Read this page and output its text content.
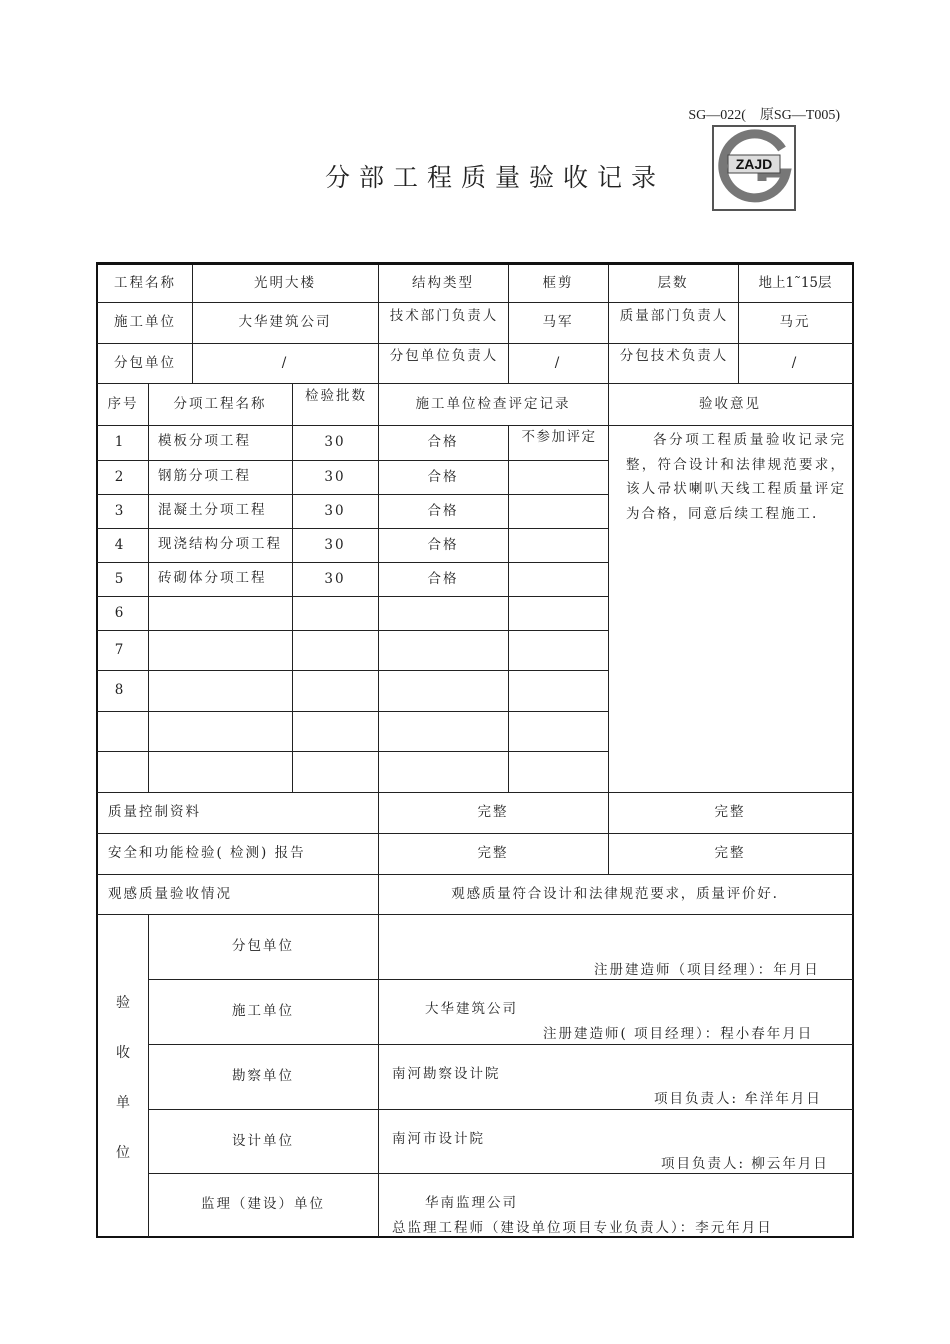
SG—022(　原SG—T005)
分部工程质量验收记录	ZAJD
工程名称	光明大楼	结构类型	框剪	层数	地上1˜15层
施工单位	大华建筑公司	技术部门负责人	马军	质量部门负责人	马元
分包单位	/	分包单位负责人	/	分包技术负责人	/
序号	分项工程名称	检验批数	施工单位检查评定记录	验收意见
1	模板分项工程	30	合格	不参加评定
2	钢筋分项工程	30	合格
3	混凝土分项工程	30	合格
4	现浇结构分项工程	30	合格
5	砖砌体分项工程	30	合格
6
7
8
各分项工程质量验收记录完整，符合设计和法律规范要求，该人帚状喇叭天线工程质量评定为合格，同意后续工程施工.
质量控制资料	完整	完整
安全和功能检验( 检测) 报告	完整	完整
观感质量验收情况	观感质量符合设计和法律规范要求，质量评价好.
验
收
单
位
分包单位
注册建造师（项目经理）：年月日
施工单位	大华建筑公司
注册建造师( 项目经理）：程小春年月日
勘察单位	南河勘察设计院
项目负责人: 牟洋年月日
设计单位	南河市设计院
项目负责人: 柳云年月日
监理（建设）单位	华南监理公司
总监理工程师（建设单位项目专业负责人）：李元年月日
